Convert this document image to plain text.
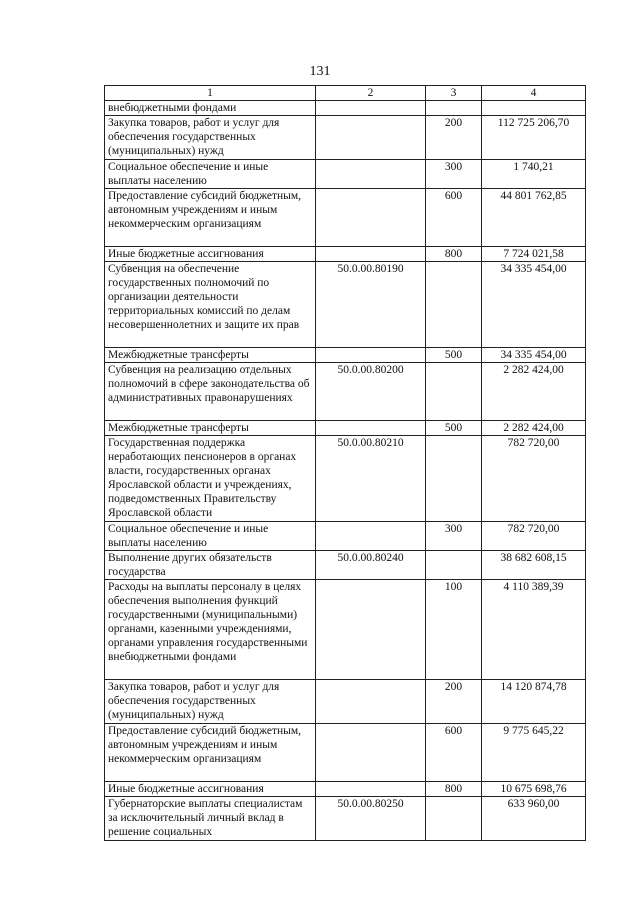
131
1	2	3	4
внебюджетными фондами			
Закупка товаров, работ и услуг для обеспечения государственных (муниципальных) нужд		200	112 725 206,70
Социальное обеспечение и иные выплаты населению		300	1 740,21
Предоставление субсидий бюджетным, автономным учреждениям и иным некоммерческим организациям		600	44 801 762,85
Иные бюджетные ассигнования		800	7 724 021,58
Субвенция на обеспечение государственных полномочий по организации деятельности территориальных комиссий по делам несовершеннолетних и защите их прав	50.0.00.80190		34 335 454,00
Межбюджетные трансферты		500	34 335 454,00
Субвенция на реализацию отдельных полномочий в сфере законодательства об административных правонарушениях	50.0.00.80200		2 282 424,00
Межбюджетные трансферты		500	2 282 424,00
Государственная поддержка неработающих пенсионеров в органах власти, государственных органах Ярославской области и учреждениях, подведомственных Правительству Ярославской области	50.0.00.80210		782 720,00
Социальное обеспечение и иные выплаты населению		300	782 720,00
Выполнение других обязательств государства	50.0.00.80240		38 682 608,15
Расходы на выплаты персоналу в целях обеспечения выполнения функций государственными (муниципальными) органами, казенными учреждениями, органами управления государственными внебюджетными фондами		100	4 110 389,39
Закупка товаров, работ и услуг для обеспечения государственных (муниципальных) нужд		200	14 120 874,78
Предоставление субсидий бюджетным, автономным учреждениям и иным некоммерческим организациям		600	9 775 645,22
Иные бюджетные ассигнования		800	10 675 698,76
Губернаторские выплаты специалистам за исключительный личный вклад в решение социальных	50.0.00.80250		633 960,00
